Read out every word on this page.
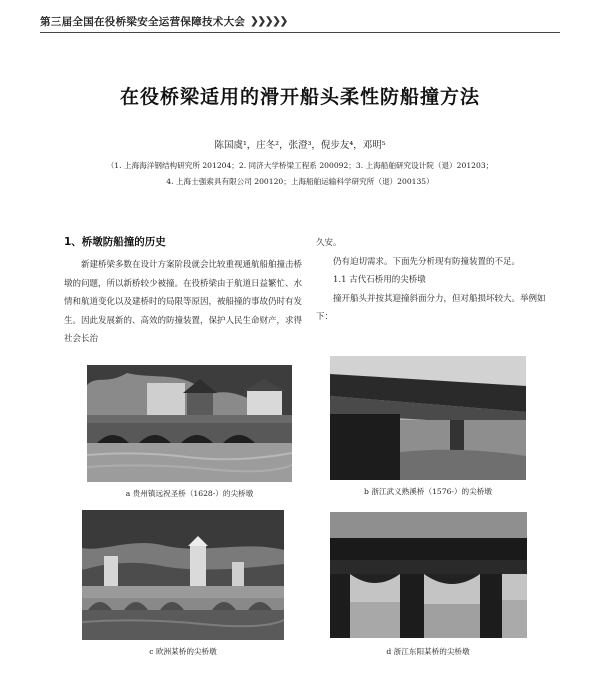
第三届全国在役桥梁安全运营保障技术大会 ❯❯❯❯❯
在役桥梁适用的滑开船头柔性防船撞方法
陈国虞¹，庄冬²，张澄³，倪步友⁴，邓明⁵
（1. 上海海洋钢结构研究所 201204；2. 同济大学桥梁工程系 200092；3. 上海船舶研究设计院（退）201203；
4. 上海士强索具有限公司 200120；上海船舶运输科学研究所（退）200135）
1、桥墩防船撞的历史

新建桥梁多数在设计方案阶段就会比较重视通航船舶撞击桥墩的问题，所以新桥较少被撞。在役桥梁由于航道日益繁忙、水情和航道变化以及建桥时的局限等原因，被船撞的事故仍时有发生。因此发展新的、高效的防撞装置，保护人民生命财产，求得社会长治

久安。

仍有迫切需求。下面先分析现有防撞装置的不足。

1.1 古代石桥用的尖桥墩

撞开船头并按其迎撞斜面分力，但对船损坏较大。举例如下：

a 贵州镇远祝圣桥（1628-）的尖桥墩	b 浙江武义熟溪桥（1576-）的尖桥墩
c 欧洲某桥的尖桥墩	d 浙江东阳某桥的尖桥墩
